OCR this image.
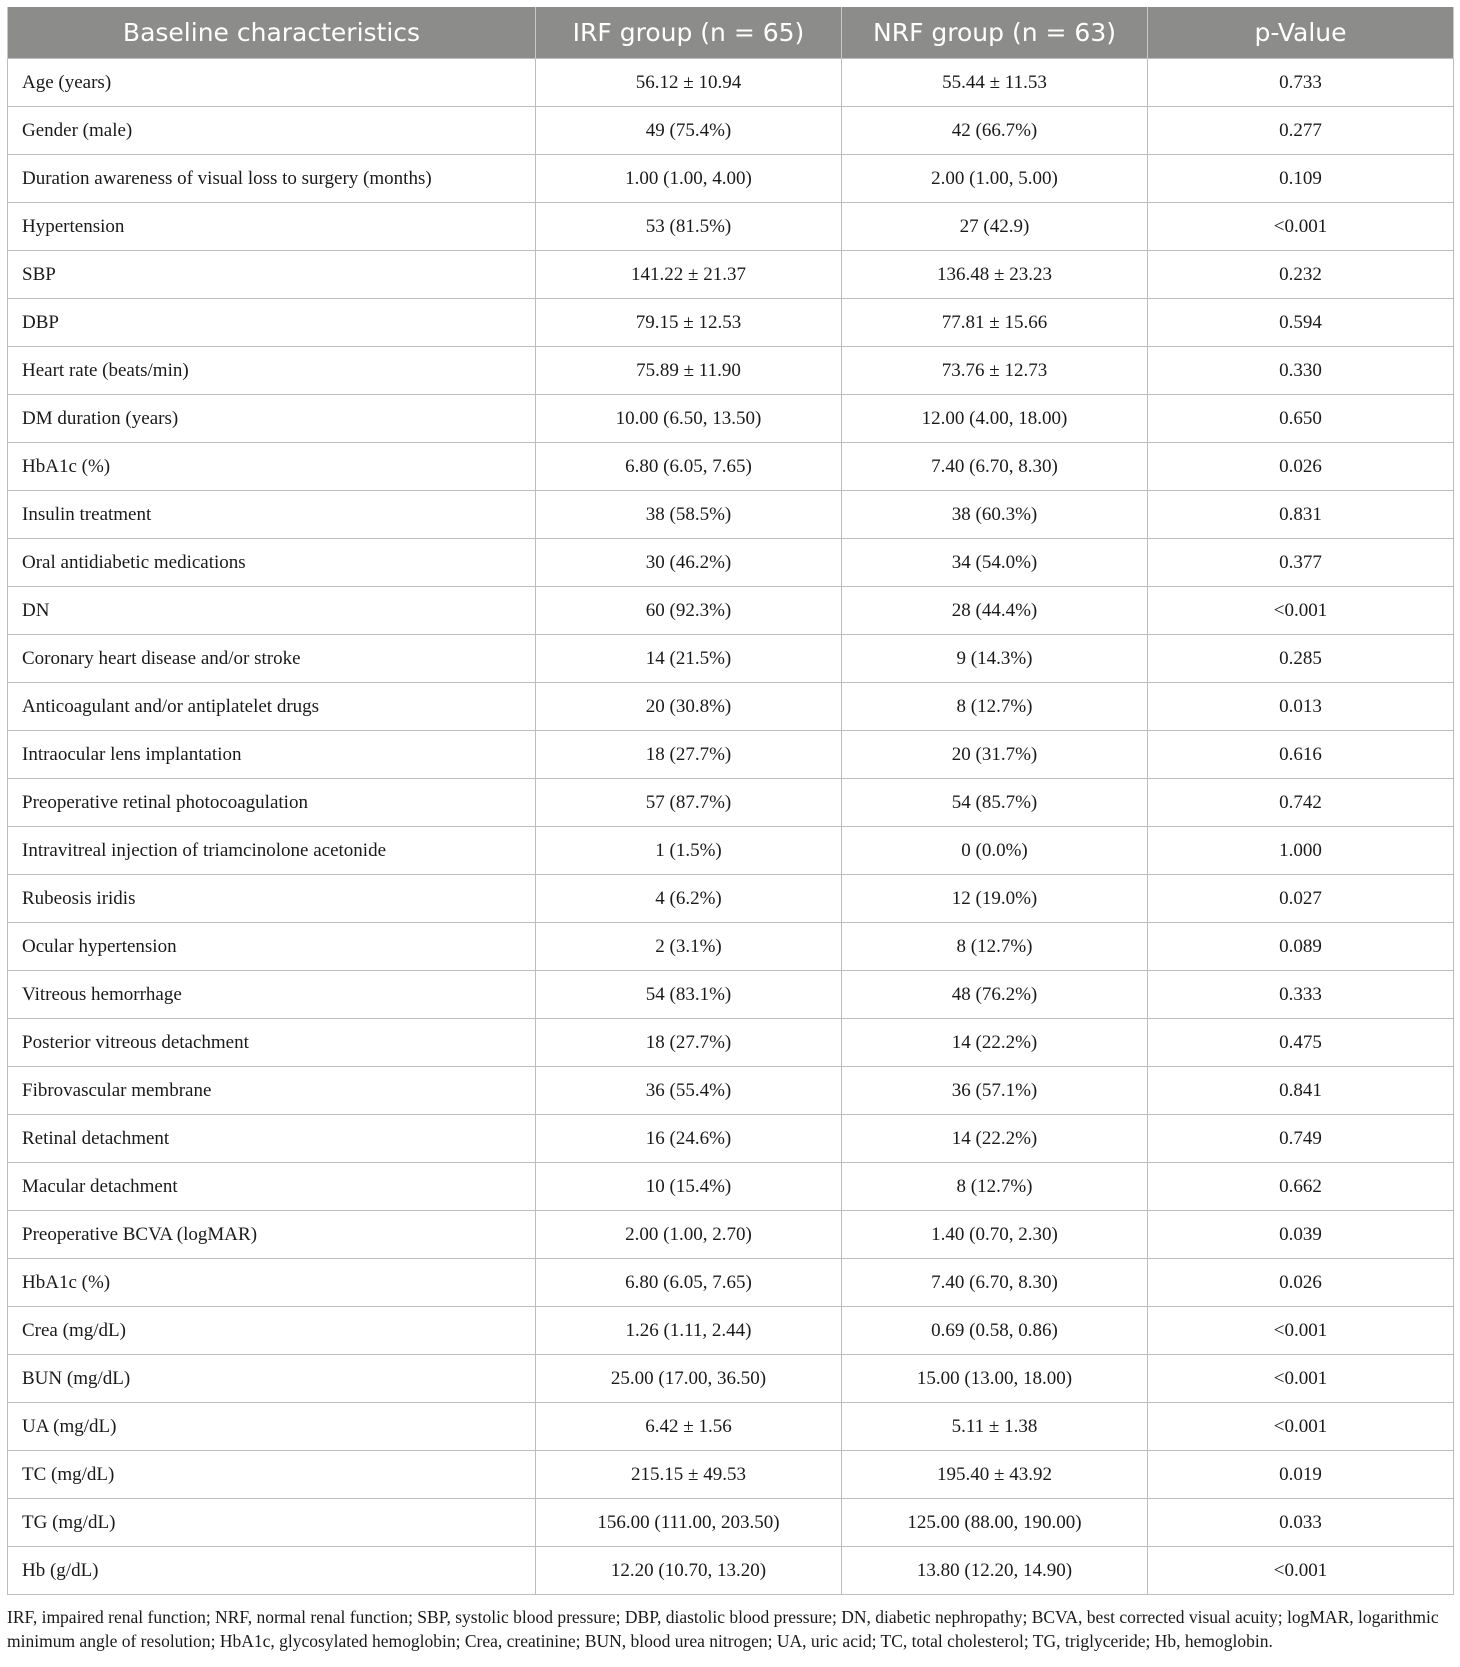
Baseline characteristics	IRF group (n = 65)	NRF group (n = 63)	p-Value
Age (years)	56.12 ± 10.94	55.44 ± 11.53	0.733
Gender (male)	49 (75.4%)	42 (66.7%)	0.277
Duration awareness of visual loss to surgery (months)	1.00 (1.00, 4.00)	2.00 (1.00, 5.00)	0.109
Hypertension	53 (81.5%)	27 (42.9)	<0.001
SBP	141.22 ± 21.37	136.48 ± 23.23	0.232
DBP	79.15 ± 12.53	77.81 ± 15.66	0.594
Heart rate (beats/min)	75.89 ± 11.90	73.76 ± 12.73	0.330
DM duration (years)	10.00 (6.50, 13.50)	12.00 (4.00, 18.00)	0.650
HbA1c (%)	6.80 (6.05, 7.65)	7.40 (6.70, 8.30)	0.026
Insulin treatment	38 (58.5%)	38 (60.3%)	0.831
Oral antidiabetic medications	30 (46.2%)	34 (54.0%)	0.377
DN	60 (92.3%)	28 (44.4%)	<0.001
Coronary heart disease and/or stroke	14 (21.5%)	9 (14.3%)	0.285
Anticoagulant and/or antiplatelet drugs	20 (30.8%)	8 (12.7%)	0.013
Intraocular lens implantation	18 (27.7%)	20 (31.7%)	0.616
Preoperative retinal photocoagulation	57 (87.7%)	54 (85.7%)	0.742
Intravitreal injection of triamcinolone acetonide	1 (1.5%)	0 (0.0%)	1.000
Rubeosis iridis	4 (6.2%)	12 (19.0%)	0.027
Ocular hypertension	2 (3.1%)	8 (12.7%)	0.089
Vitreous hemorrhage	54 (83.1%)	48 (76.2%)	0.333
Posterior vitreous detachment	18 (27.7%)	14 (22.2%)	0.475
Fibrovascular membrane	36 (55.4%)	36 (57.1%)	0.841
Retinal detachment	16 (24.6%)	14 (22.2%)	0.749
Macular detachment	10 (15.4%)	8 (12.7%)	0.662
Preoperative BCVA (logMAR)	2.00 (1.00, 2.70)	1.40 (0.70, 2.30)	0.039
HbA1c (%)	6.80 (6.05, 7.65)	7.40 (6.70, 8.30)	0.026
Crea (mg/dL)	1.26 (1.11, 2.44)	0.69 (0.58, 0.86)	<0.001
BUN (mg/dL)	25.00 (17.00, 36.50)	15.00 (13.00, 18.00)	<0.001
UA (mg/dL)	6.42 ± 1.56	5.11 ± 1.38	<0.001
TC (mg/dL)	215.15 ± 49.53	195.40 ± 43.92	0.019
TG (mg/dL)	156.00 (111.00, 203.50)	125.00 (88.00, 190.00)	0.033
Hb (g/dL)	12.20 (10.70, 13.20)	13.80 (12.20, 14.90)	<0.001
IRF, impaired renal function; NRF, normal renal function; SBP, systolic blood pressure; DBP, diastolic blood pressure; DN, diabetic nephropathy; BCVA, best corrected visual acuity; logMAR, logarithmic minimum angle of resolution; HbA1c, glycosylated hemoglobin; Crea, creatinine; BUN, blood urea nitrogen; UA, uric acid; TC, total cholesterol; TG, triglyceride; Hb, hemoglobin.
